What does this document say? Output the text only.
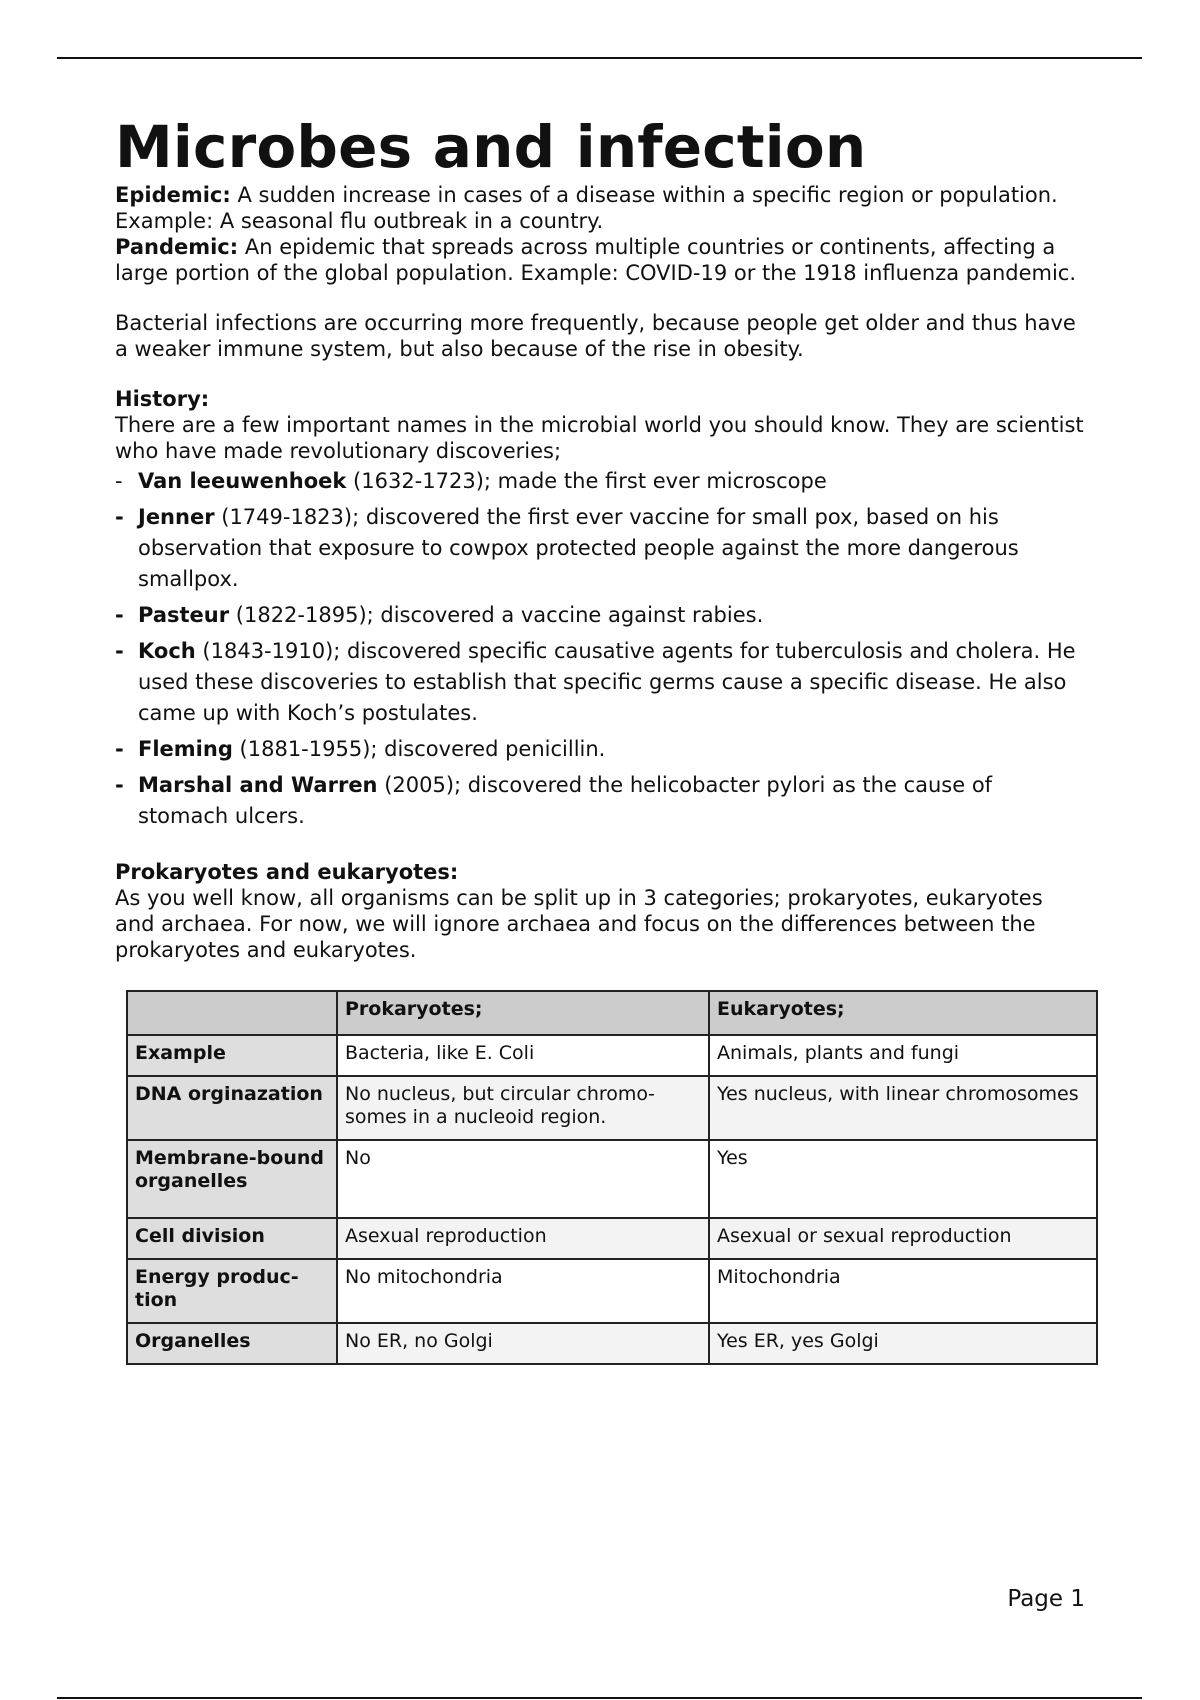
Microbes and infection

Epidemic: A sudden increase in cases of a disease within a specific region or population. Example: A seasonal flu outbreak in a country.

Pandemic: An epidemic that spreads across multiple countries or continents, affecting a large portion of the global population. Example: COVID-19 or the 1918 influenza pandemic.

Bacterial infections are occurring more frequently, because people get older and thus have a weaker immune system, but also because of the rise in obesity.

History:

There are a few important names in the microbial world you should know. They are scientist who have made revolutionary discoveries;

- Van leeuwenhoek (1632-1723); made the first ever microscope
- Jenner (1749-1823); discovered the first ever vaccine for small pox, based on his observation that exposure to cowpox protected people against the more dangerous smallpox.
- Pasteur (1822-1895); discovered a vaccine against rabies.
- Koch (1843-1910); discovered specific causative agents for tuberculosis and cholera. He used these discoveries to establish that specific germs cause a specific disease. He also came up with Koch’s postulates.
- Fleming (1881-1955); discovered penicillin.
- Marshal and Warren (2005); discovered the helicobacter pylori as the cause of stomach ulcers.

Prokaryotes and eukaryotes:

As you well know, all organisms can be split up in 3 categories; prokaryotes, eukaryotes and archaea. For now, we will ignore archaea and focus on the differences between the prokaryotes and eukaryotes.

	Prokaryotes;	Eukaryotes;
Example	Bacteria, like E. Coli	Animals, plants and fungi
DNA orginazation	No nucleus, but circular chromosomes in a nucleoid region.	Yes nucleus, with linear chromosomes
Membrane-bound organelles	No	Yes
Cell division	Asexual reproduction	Asexual or sexual reproduction
Energy production	No mitochondria	Mitochondria
Organelles	No ER, no Golgi	Yes ER, yes Golgi
Page 1
